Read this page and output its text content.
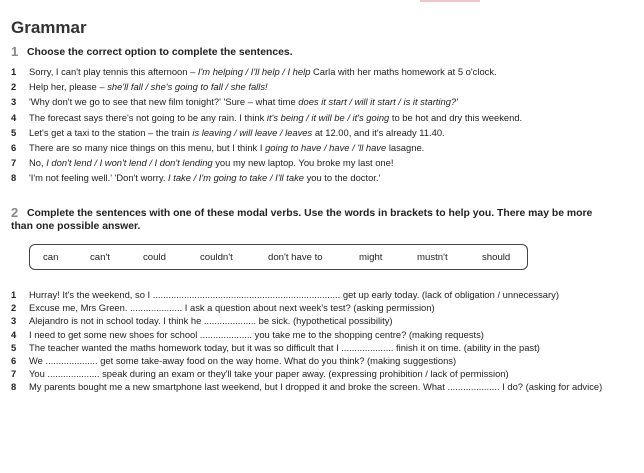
Grammar
1 Choose the correct option to complete the sentences.
1 Sorry, I can't play tennis this afternoon – I'm helping / I'll help / I help Carla with her maths homework at 5 o'clock.
2 Help her, please – she'll fall / she's going to fall / she falls!
3 'Why don't we go to see that new film tonight?' 'Sure – what time does it start / will it start / is it starting?'
4 The forecast says there's not going to be any rain. I think it's being / it will be / it's going to be hot and dry this weekend.
5 Let's get a taxi to the station – the train is leaving / will leave / leaves at 12.00, and it's already 11.40.
6 There are so many nice things on this menu, but I think I going to have / have / 'll have lasagne.
7 No, I don't lend / I won't lend / I don't lending you my new laptop. You broke my last one!
8 'I'm not feeling well.' 'Don't worry. I take / I'm going to take / I'll take you to the doctor.'
2 Complete the sentences with one of these modal verbs. Use the words in brackets to help you. There may be more than one possible answer.
can	can't	could	couldn't	don't have to	might	mustn't	should
1 Hurray! It's the weekend, so I ........................................................................ get up early today. (lack of obligation / unnecessary)
2 Excuse me, Mrs Green. .................... I ask a question about next week's test? (asking permission)
3 Alejandro is not in school today. I think he .................... be sick. (hypothetical possibility)
4 I need to get some new shoes for school .................... you take me to the shopping centre? (making requests)
5 The teacher wanted the maths homework today, but it was so difficult that I .................... finish it on time. (ability in the past)
6 We .................... get some take-away food on the way home. What do you think? (making suggestions)
7 You .................... speak during an exam or they'll take your paper away. (expressing prohibition / lack of permission)
8 My parents bought me a new smartphone last weekend, but I dropped it and broke the screen. What .................... I do? (asking for advice)
